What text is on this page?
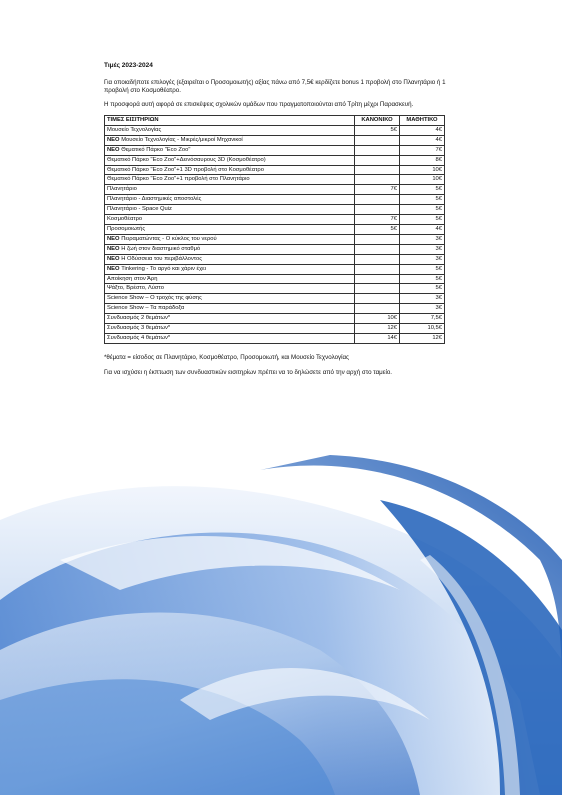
Τιμές 2023-2024

Για οποιαδήποτε επιλογές (εξαιρείται ο Προσομοιωτής) αξίας πάνω από 7,5€ κερδίζετε bonus 1 προβολή στο Πλανητάριο ή 1 προβολή στο Κοσμοθέατρο.

Η προσφορά αυτή αφορά σε επισκέψεις σχολικών ομάδων που πραγματοποιούνται από Τρίτη μέχρι Παρασκευή.

ΤΙΜΕΣ ΕΙΣΙΤΗΡΙΩΝ	ΚΑΝΟΝΙΚΟ	ΜΑΘΗΤΙΚΟ
Μουσείο Τεχνολογίας	5€	4€
ΝΕΟ Μουσείο Τεχνολογίας - Μικρές/μικροί Μηχανικοί		4€
ΝΕΟ Θεματικό Πάρκο "Eco Zoo"		7€
Θεματικό Πάρκο "Eco Zoo"+Δεινόσαυρους 3D (Κοσμοθέατρο)		8€
Θεματικό Πάρκο "Eco Zoo"+1 3D προβολή στο Κοσμοθέατρο		10€
Θεματικό Πάρκο "Eco Zoo"+1 προβολή στο Πλανητάριο		10€
Πλανητάριο	7€	5€
Πλανητάριο - Διαστημικές αποστολές		5€
Πλανητάριο - Space Quiz		5€
Κοσμοθέατρο	7€	5€
Προσομοιωτής	5€	4€
ΝΕΟ Πειραματώντας - Ο κύκλος του νερού		3€
ΝΕΟ Η ζωή στον διαστημικό σταθμό		3€
ΝΕΟ Η Οδύσσεια του περιβάλλοντος		3€
ΝΕΟ Tinkering - Το αργό και χάριν έχει		5€
Αποίκηση στον Άρη		5€
Ψάξτο, Βρέστο, Λύστο		5€
Science Show – Ο τροχός της φύσης		3€
Science Show – Τα παράδοξα		3€
Συνδυασμός 2 θεμάτων*	10€	7,5€
Συνδυασμός 3 θεμάτων*	12€	10,5€
Συνδυασμός 4 θεμάτων*	14€	12€

*θέματα = είσοδος σε Πλανητάριο, Κοσμοθέατρο, Προσομοιωτή, και Μουσείο Τεχνολογίας

Για να ισχύσει η έκπτωση των συνδυαστικών εισιτηρίων πρέπει να το δηλώσετε από την αρχή στο ταμείο.
